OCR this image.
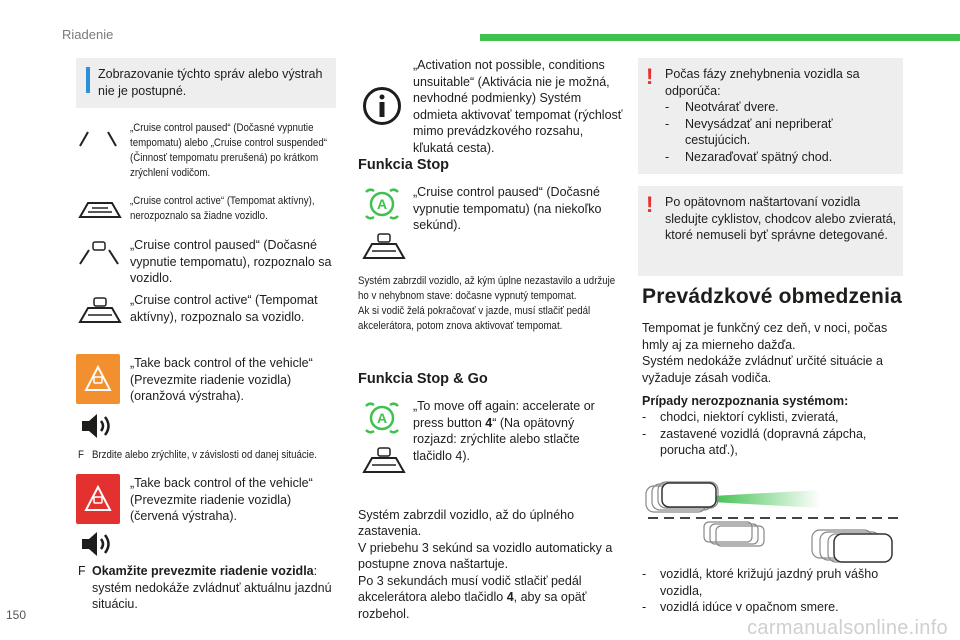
Riadenie
Zobrazovanie týchto správ alebo výstrah nie je postupné.
„Cruise control paused“ (Dočasné vypnutie tempomatu) alebo „Cruise control suspended“ (Činnosť tempomatu prerušená) po krátkom zrýchlení vodičom.
„Cruise control active“ (Tempomat aktívny), nerozpoznalo sa žiadne vozidlo.
„Cruise control paused“ (Dočasné vypnutie tempomatu), rozpoznalo sa vozidlo.
„Cruise control active“ (Tempomat aktívny), rozpoznalo sa vozidlo.
„Take back control of the vehicle“ (Prevezmite riadenie vozidla) (oranžová výstraha).
F Brzdite alebo zrýchlite, v závislosti od danej situácie.
„Take back control of the vehicle“ (Prevezmite riadenie vozidla) (červená výstraha).
F Okamžite prevezmite riadenie vozidla: systém nedokáže zvládnuť aktuálnu jazdnú situáciu.
„Activation not possible, conditions unsuitable“ (Aktivácia nie je možná, nevhodné podmienky) Systém odmieta aktivovať tempomat (rýchlosť mimo prevádzkového rozsahu, kľukatá cesta).
Funkcia Stop
A
„Cruise control paused“ (Dočasné vypnutie tempomatu) (na niekoľko sekúnd).
Systém zabrzdil vozidlo, až kým úplne nezastavilo a udržuje ho v nehybnom stave: dočasne vypnutý tempomat.
Ak si vodič želá pokračovať v jazde, musí stlačiť pedál akcelerátora, potom znova aktivovať tempomat.
Funkcia Stop & Go
A
„To move off again: accelerate or press button 4“ (Na opätovný rozjazd: zrýchlite alebo stlačte tlačidlo 4).

Systém zabrzdil vozidlo, až do úplného zastavenia.
V priebehu 3 sekúnd sa vozidlo automaticky a postupne znova naštartuje.
Po 3 sekundách musí vodič stlačiť pedál akcelerátora alebo tlačidlo 4, aby sa opäť rozbehol.

! Počas fázy znehybnenia vozidla sa odporúča:
-	Neotvárať dvere.
-	Nevysádzať ani nepriberať cestujúcich.
-	Nezaraďovať spätný chod.
! Po opätovnom naštartovaní vozidla sledujte cyklistov, chodcov alebo zvieratá, ktoré nemuseli byť správne detegované.
Prevádzkové obmedzenia
Tempomat je funkčný cez deň, v noci, počas hmly aj za mierneho dažďa.
Systém nedokáže zvládnuť určité situácie a vyžaduje zásah vodiča.
Prípady nerozpoznania systémom:
-	chodci, niektorí cyklisti, zvieratá,
-	zastavené vozidlá (dopravná zápcha, porucha atď.),
-	vozidlá, ktoré križujú jazdný pruh vášho vozidla,
-	vozidlá idúce v opačnom smere.
150
carmanualsonline.info
